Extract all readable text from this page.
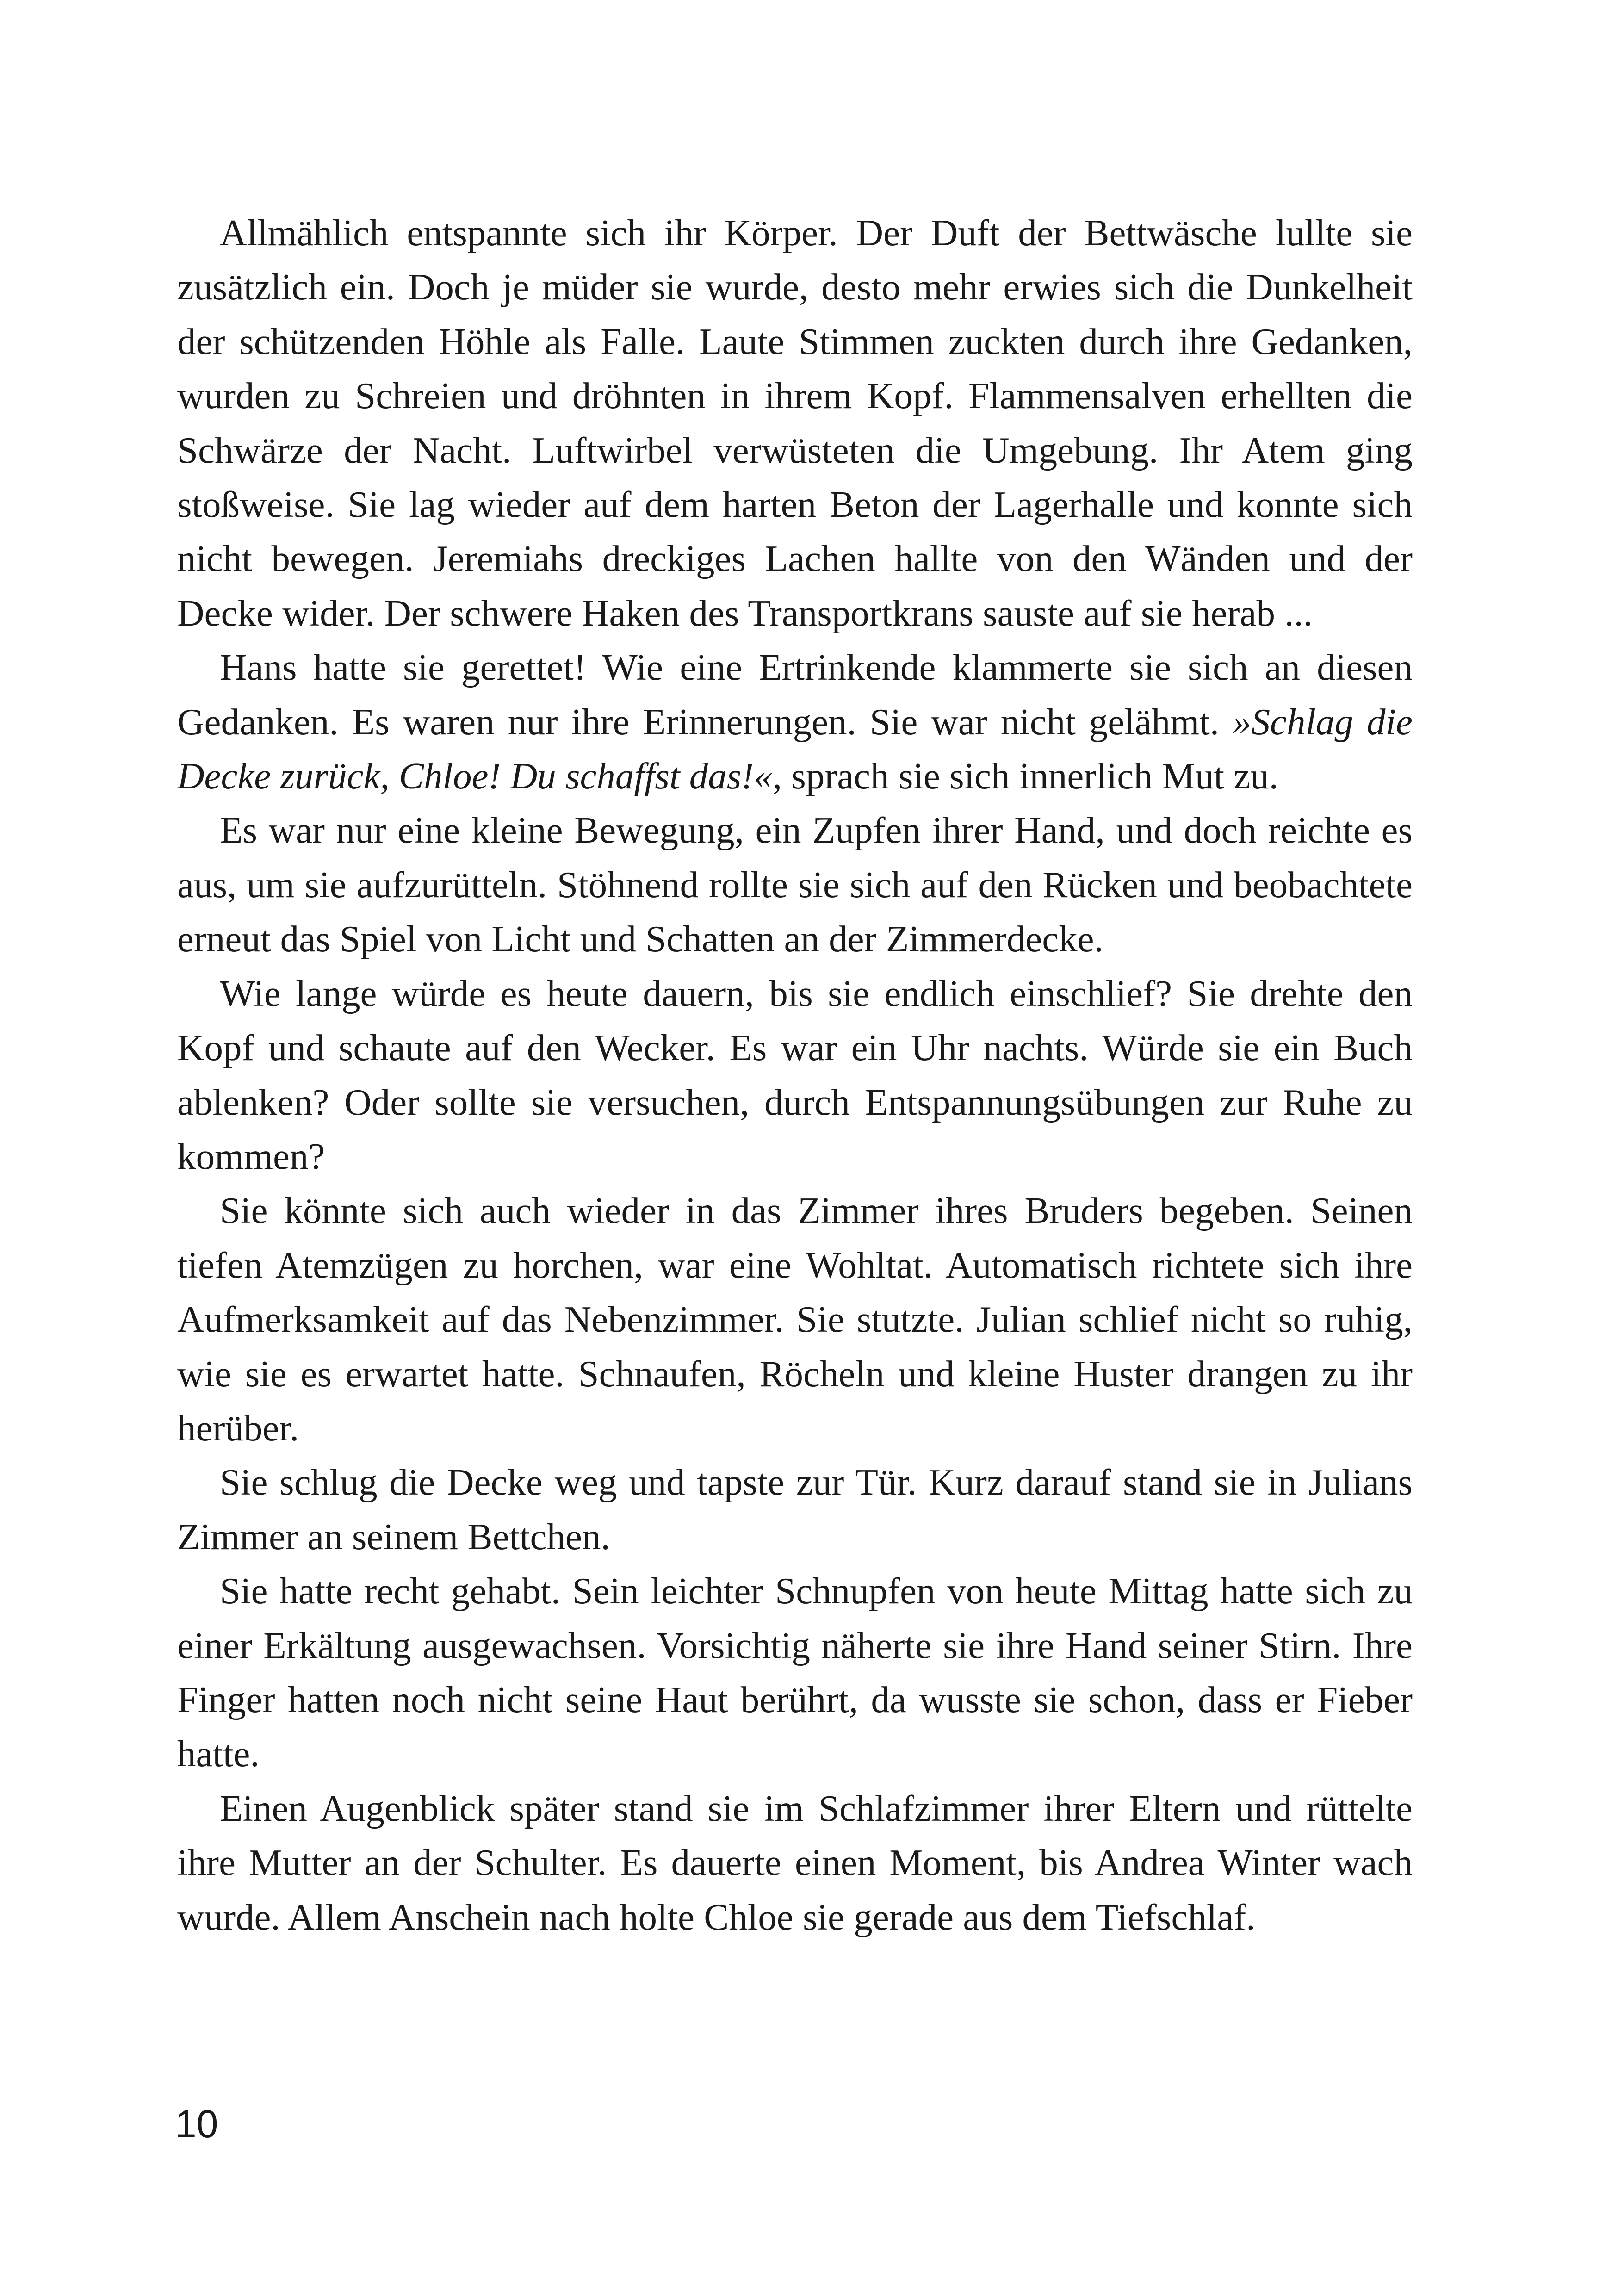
Allmählich entspannte sich ihr Körper. Der Duft der Bettwäsche lullte sie zusätzlich ein. Doch je müder sie wurde, desto mehr erwies sich die Dunkelheit der schützenden Höhle als Falle. Laute Stimmen zuckten durch ihre Gedanken, wurden zu Schreien und dröhnten in ihrem Kopf. Flammensalven erhellten die Schwärze der Nacht. Luftwirbel verwüsteten die Umgebung. Ihr Atem ging stoßweise. Sie lag wieder auf dem harten Beton der Lagerhalle und konnte sich nicht bewegen. Jeremiahs dreckiges Lachen hallte von den Wänden und der Decke wider. Der schwere Haken des Transportkrans sauste auf sie herab ...

Hans hatte sie gerettet! Wie eine Ertrinkende klammerte sie sich an diesen Gedanken. Es waren nur ihre Erinnerungen. Sie war nicht gelähmt. »Schlag die Decke zurück, Chloe! Du schaffst das!«, sprach sie sich innerlich Mut zu.

Es war nur eine kleine Bewegung, ein Zupfen ihrer Hand, und doch reichte es aus, um sie aufzurütteln. Stöhnend rollte sie sich auf den Rücken und beobachtete erneut das Spiel von Licht und Schatten an der Zimmerdecke.

Wie lange würde es heute dauern, bis sie endlich einschlief? Sie drehte den Kopf und schaute auf den Wecker. Es war ein Uhr nachts. Würde sie ein Buch ablenken? Oder sollte sie versuchen, durch Entspannungsübungen zur Ruhe zu kommen?

Sie könnte sich auch wieder in das Zimmer ihres Bruders begeben. Seinen tiefen Atemzügen zu horchen, war eine Wohltat. Automatisch richtete sich ihre Aufmerksamkeit auf das Nebenzimmer. Sie stutzte. Julian schlief nicht so ruhig, wie sie es erwartet hatte. Schnaufen, Röcheln und kleine Huster drangen zu ihr herüber.

Sie schlug die Decke weg und tapste zur Tür. Kurz darauf stand sie in Julians Zimmer an seinem Bettchen.

Sie hatte recht gehabt. Sein leichter Schnupfen von heute Mittag hatte sich zu einer Erkältung ausgewachsen. Vorsichtig näherte sie ihre Hand seiner Stirn. Ihre Finger hatten noch nicht seine Haut berührt, da wusste sie schon, dass er Fieber hatte.

Einen Augenblick später stand sie im Schlafzimmer ihrer Eltern und rüttelte ihre Mutter an der Schulter. Es dauerte einen Moment, bis Andrea Winter wach wurde. Allem Anschein nach holte Chloe sie gerade aus dem Tiefschlaf.

10
